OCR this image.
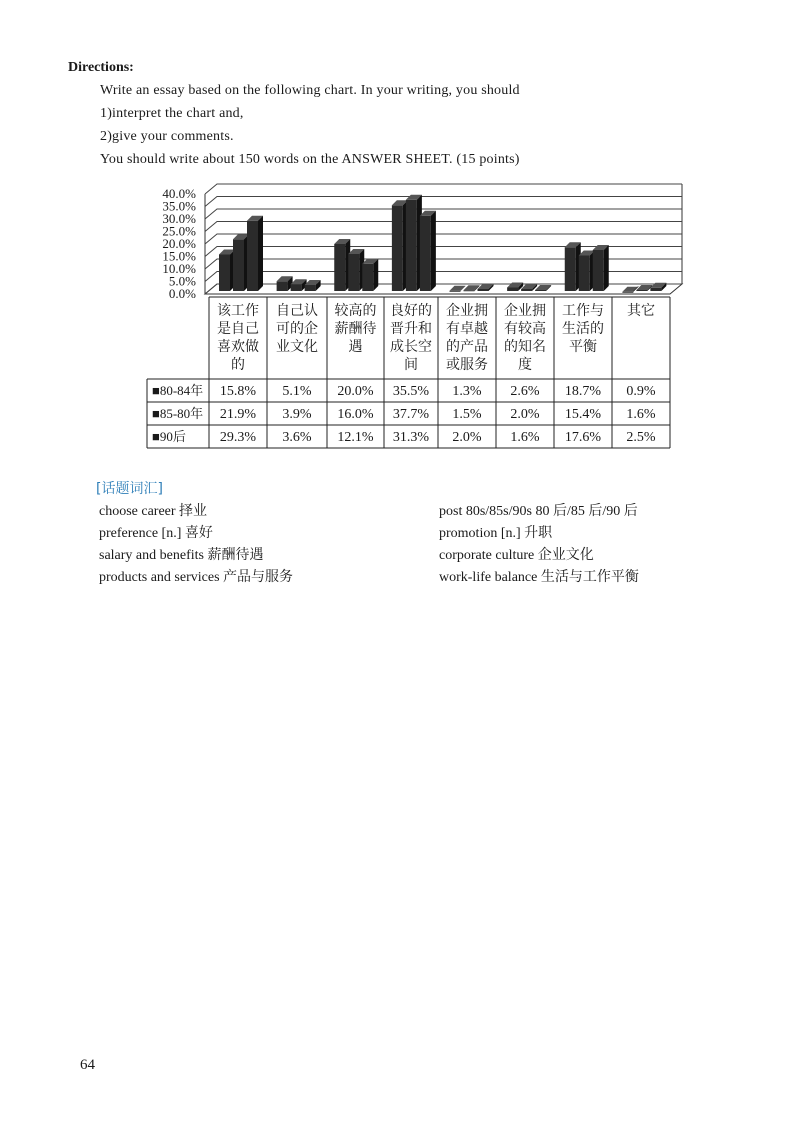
Directions:
Write an essay based on the following chart. In your writing, you should
1)interpret the chart and,
2)give your comments.
You should write about 150 words on the ANSWER SHEET. (15 points)
40.0%
35.0%
30.0%
25.0%
20.0%
15.0%
10.0%
5.0%
0.0%
该工作
是自己
喜欢做
的
自己认
可的企
业文化
较高的
薪酬待
遇
良好的
晋升和
成长空
间
企业拥
有卓越
的产品
或服务
企业拥
有较高
的知名
度
工作与
生活的
平衡
其它
■80-84年 15.8% 5.1% 20.0% 35.5% 1.3% 2.6% 18.7% 0.9%
■85-80年 21.9% 3.9% 16.0% 37.7% 1.5% 2.0% 15.4% 1.6%
■90后 29.3% 3.6% 12.1% 31.3% 2.0% 1.6% 17.6% 2.5%
[话题词汇]
choose career 择业
preference [n.] 喜好
salary and benefits 薪酬待遇
products and services 产品与服务
post 80s/85s/90s 80 后/85 后/90 后
promotion [n.] 升职
corporate culture 企业文化
work-life balance 生活与工作平衡
64
